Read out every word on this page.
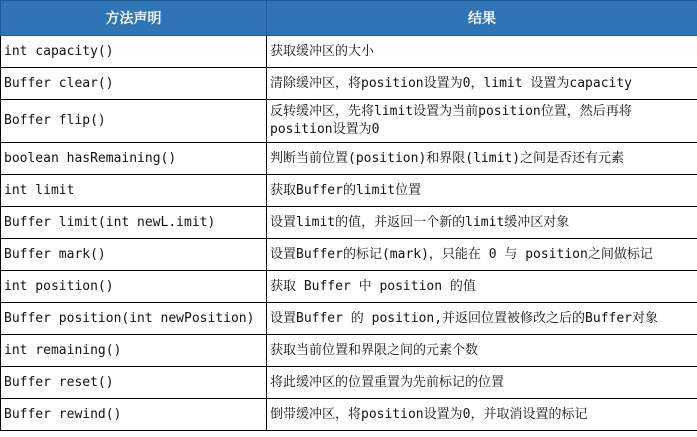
方法声明	结果
int capacity()	获取缓冲区的大小
Buffer clear()	清除缓冲区，将position设置为0，limit 设置为capacity
Boffer flip()	反转缓冲区，先将limit设置为当前position位置，然后再将position设置为0
boolean hasRemaining()	判断当前位置(position)和界限(limit)之间是否还有元素
int limit	获取Buffer的limit位置
Buffer limit(int newL.imit)	设置limit的值，并返回一个新的limit缓冲区对象
Buffer mark()	设置Buffer的标记(mark)，只能在 0 与 position之间做标记
int position()	获取 Buffer 中 position 的值
Buffer position(int newPosition)	设置Buffer 的 position,并返回位置被修改之后的Buffer对象
int remaining()	获取当前位置和界限之间的元素个数
Buffer reset()	将此缓冲区的位置重置为先前标记的位置
Buffer rewind()	倒带缓冲区，将position设置为0，并取消设置的标记
